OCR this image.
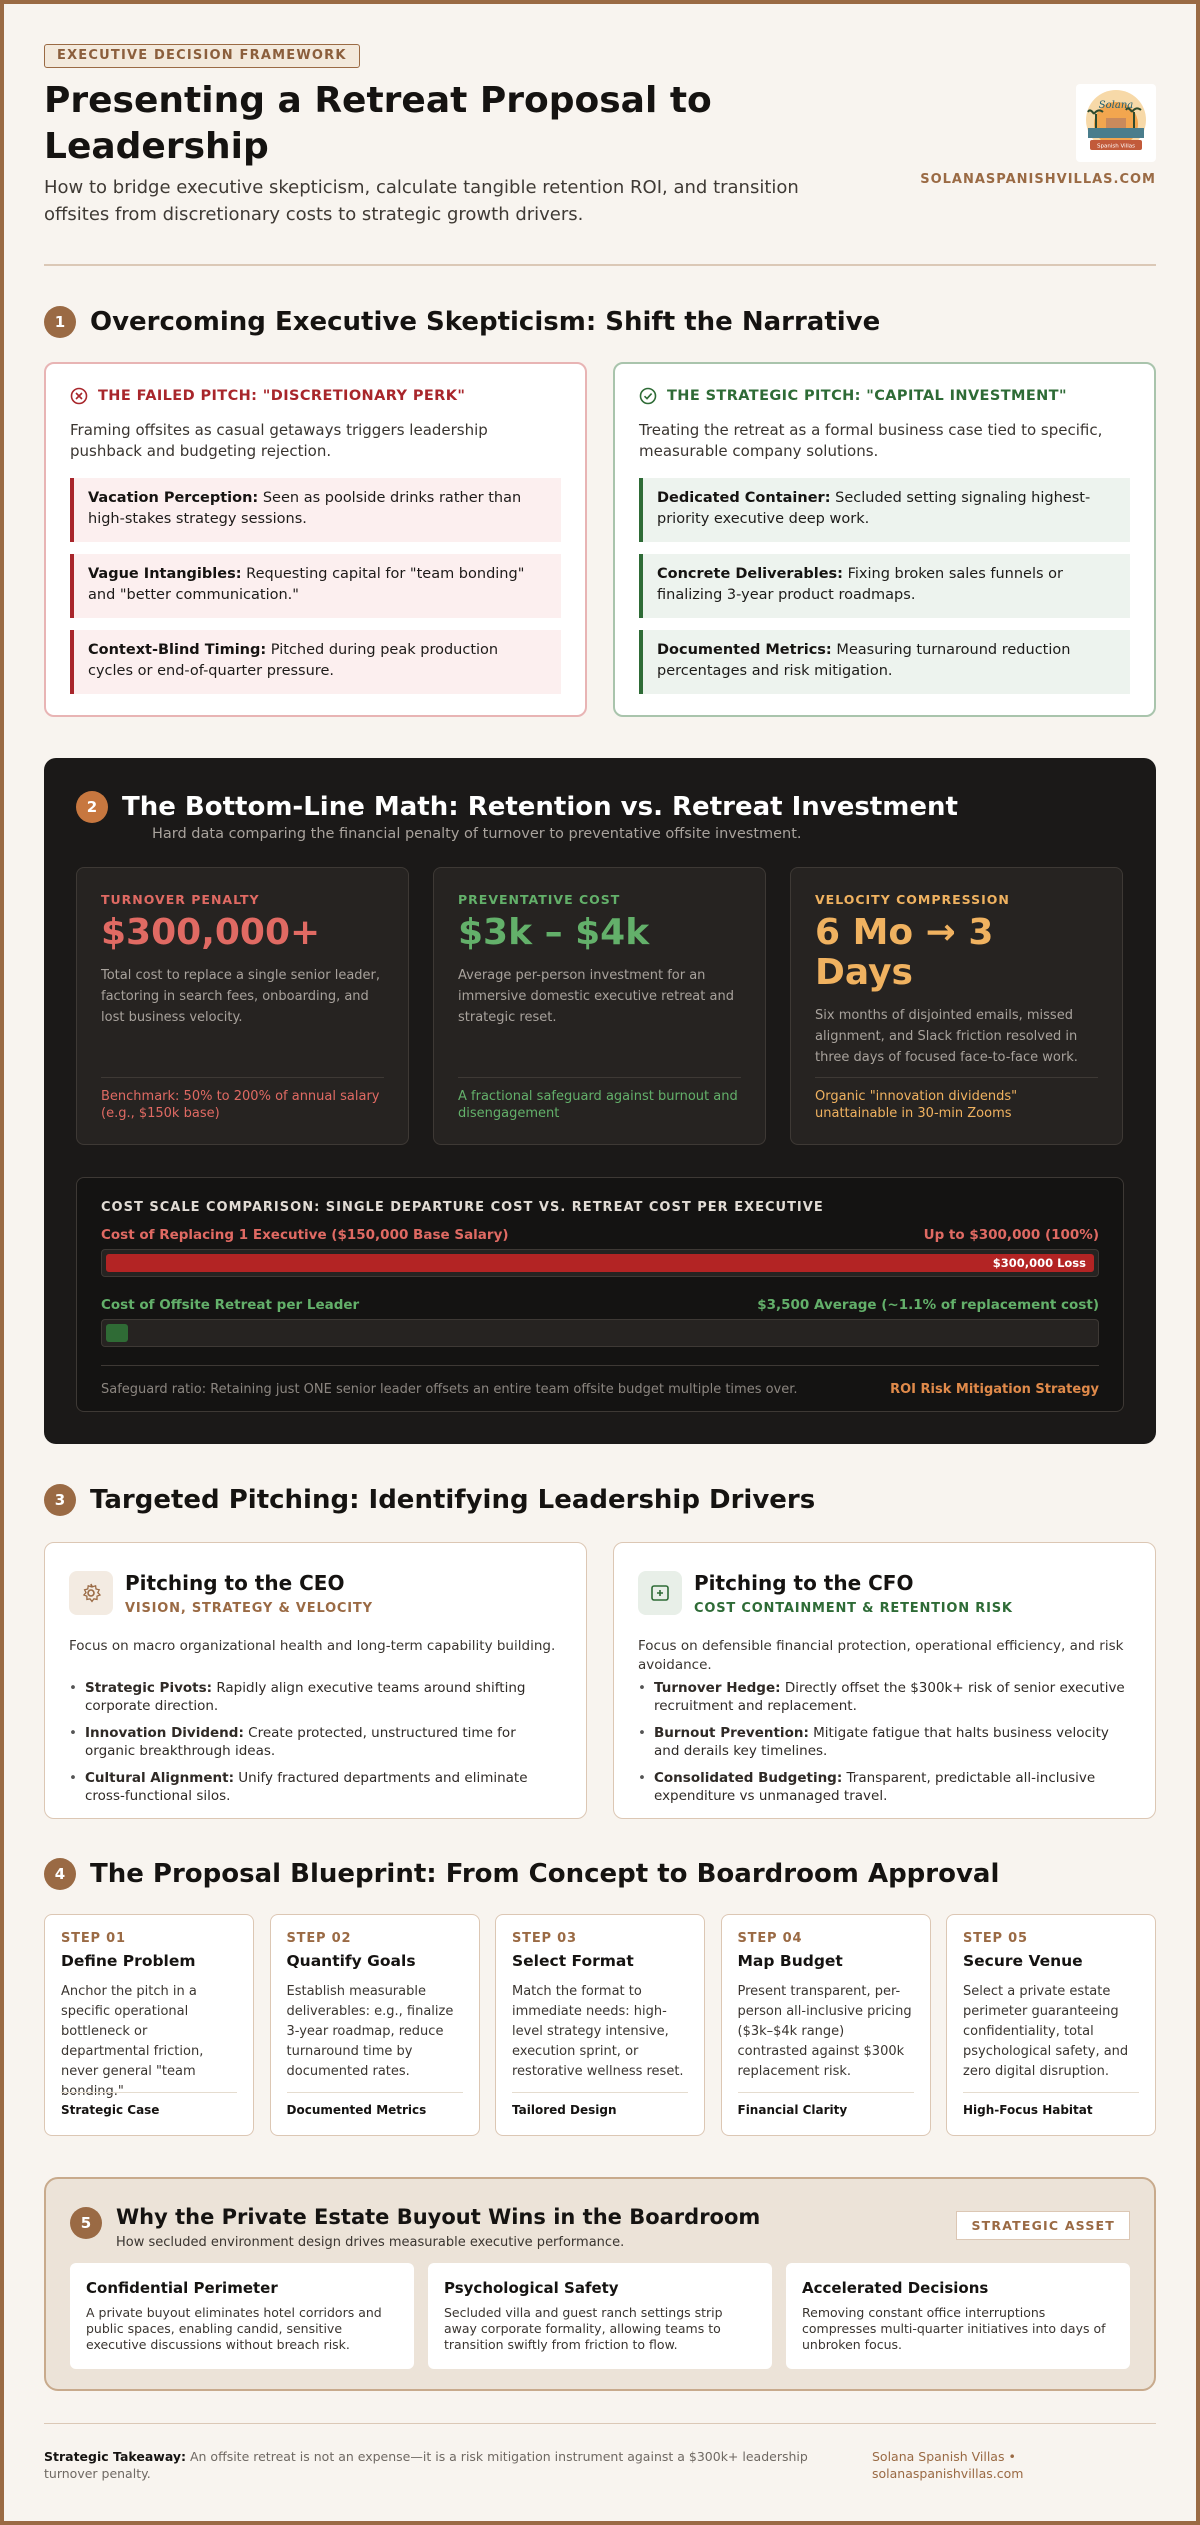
EXECUTIVE DECISION FRAMEWORK
Presenting a Retreat Proposal to Leadership
How to bridge executive skepticism, calculate tangible retention ROI, and transition offsites from discretionary costs to strategic growth drivers.
Solana
Spanish Villas
SOLANASPANISHVILLAS.COM
1 Overcoming Executive Skepticism: Shift the Narrative
THE FAILED PITCH: "DISCRETIONARY PERK"
Framing offsites as casual getaways triggers leadership pushback and budgeting rejection.
Vacation Perception: Seen as poolside drinks rather than high-stakes strategy sessions.
Vague Intangibles: Requesting capital for "team bonding" and "better communication."
Context-Blind Timing: Pitched during peak production cycles or end-of-quarter pressure.
THE STRATEGIC PITCH: "CAPITAL INVESTMENT"
Treating the retreat as a formal business case tied to specific, measurable company solutions.
Dedicated Container: Secluded setting signaling highest-priority executive deep work.
Concrete Deliverables: Fixing broken sales funnels or finalizing 3-year product roadmaps.
Documented Metrics: Measuring turnaround reduction percentages and risk mitigation.
2 The Bottom-Line Math: Retention vs. Retreat Investment
Hard data comparing the financial penalty of turnover to preventative offsite investment.
TURNOVER PENALTY
$300,000+
Total cost to replace a single senior leader, factoring in search fees, onboarding, and lost business velocity.
Benchmark: 50% to 200% of annual salary (e.g., $150k base)
PREVENTATIVE COST
$3k – $4k
Average per-person investment for an immersive domestic executive retreat and strategic reset.
A fractional safeguard against burnout and disengagement
VELOCITY COMPRESSION
6 Mo → 3 Days
Six months of disjointed emails, missed alignment, and Slack friction resolved in three days of focused face-to-face work.
Organic "innovation dividends" unattainable in 30-min Zooms
COST SCALE COMPARISON: SINGLE DEPARTURE COST VS. RETREAT COST PER EXECUTIVE
Cost of Replacing 1 Executive ($150,000 Base Salary)	Up to $300,000 (100%)
$300,000 Loss
Cost of Offsite Retreat per Leader	$3,500 Average (~1.1% of replacement cost)
Safeguard ratio: Retaining just ONE senior leader offsets an entire team offsite budget multiple times over.	ROI Risk Mitigation Strategy
3 Targeted Pitching: Identifying Leadership Drivers
Pitching to the CEO
VISION, STRATEGY & VELOCITY
Focus on macro organizational health and long-term capability building.
• Strategic Pivots: Rapidly align executive teams around shifting corporate direction.
• Innovation Dividend: Create protected, unstructured time for organic breakthrough ideas.
• Cultural Alignment: Unify fractured departments and eliminate cross-functional silos.
Pitching to the CFO
COST CONTAINMENT & RETENTION RISK
Focus on defensible financial protection, operational efficiency, and risk avoidance.
• Turnover Hedge: Directly offset the $300k+ risk of senior executive recruitment and replacement.
• Burnout Prevention: Mitigate fatigue that halts business velocity and derails key timelines.
• Consolidated Budgeting: Transparent, predictable all-inclusive expenditure vs unmanaged travel.
4 The Proposal Blueprint: From Concept to Boardroom Approval
STEP 01
Define Problem
Anchor the pitch in a specific operational bottleneck or departmental friction, never general "team bonding."
Strategic Case
STEP 02
Quantify Goals
Establish measurable deliverables: e.g., finalize 3-year roadmap, reduce turnaround time by documented rates.
Documented Metrics
STEP 03
Select Format
Match the format to immediate needs: high-level strategy intensive, execution sprint, or restorative wellness reset.
Tailored Design
STEP 04
Map Budget
Present transparent, per-person all-inclusive pricing ($3k–$4k range) contrasted against $300k replacement risk.
Financial Clarity
STEP 05
Secure Venue
Select a private estate perimeter guaranteeing confidentiality, total psychological safety, and zero digital disruption.
High-Focus Habitat
5	Why the Private Estate Buyout Wins in the Boardroom
How secluded environment design drives measurable executive performance.
STRATEGIC ASSET
Confidential Perimeter
A private buyout eliminates hotel corridors and public spaces, enabling candid, sensitive executive discussions without breach risk.
Psychological Safety
Secluded villa and guest ranch settings strip away corporate formality, allowing teams to transition swiftly from friction to flow.
Accelerated Decisions
Removing constant office interruptions compresses multi-quarter initiatives into days of unbroken focus.
Strategic Takeaway: An offsite retreat is not an expense—it is a risk mitigation instrument against a $300k+ leadership turnover penalty.
Solana Spanish Villas •
solanaspanishvillas.com
